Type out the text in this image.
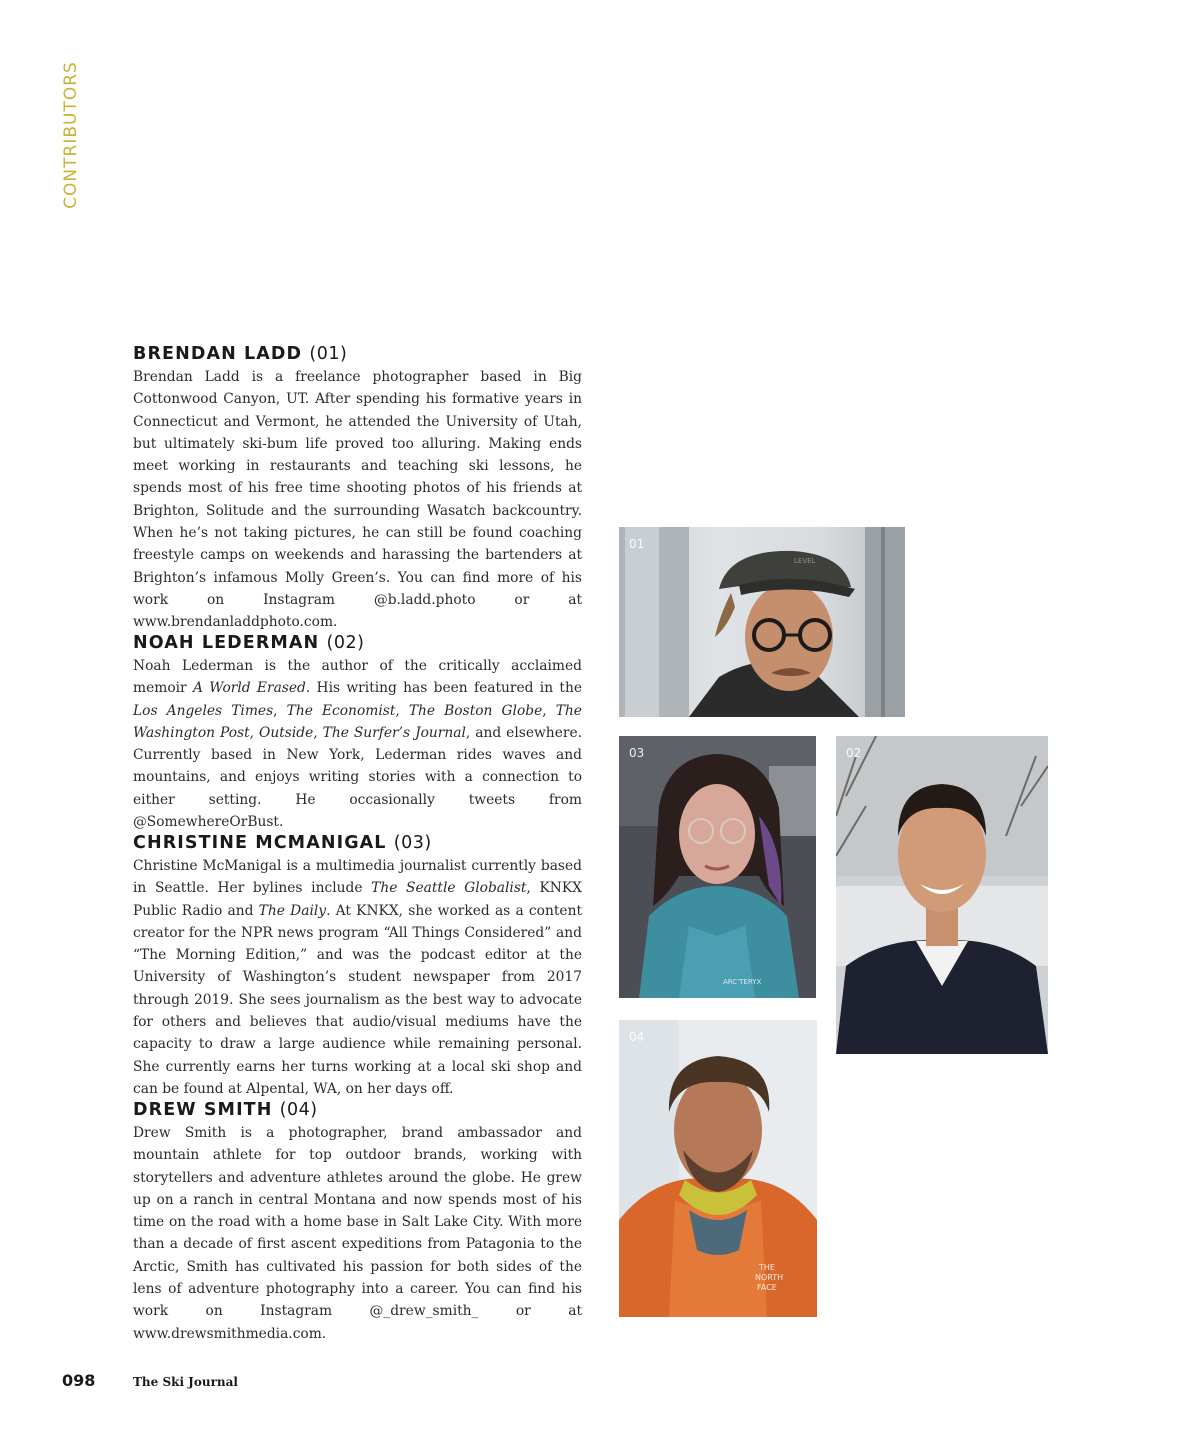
CONTRIBUTORS
BRENDAN LADD (01)

Brendan Ladd is a freelance photographer based in Big Cottonwood Canyon, UT. After spending his formative years in Connecticut and Vermont, he attended the University of Utah, but ultimately ski-bum life proved too alluring. Making ends meet working in restaurants and teaching ski lessons, he spends most of his free time shooting photos of his friends at Brighton, Solitude and the surrounding Wasatch backcountry. When he’s not taking pictures, he can still be found coaching freestyle camps on weekends and harassing the bartenders at Brighton’s infamous Molly Green’s. You can find more of his work on Instagram @b.ladd.photo or at www.brendanladdphoto.com.

NOAH LEDERMAN (02)

Noah Lederman is the author of the critically acclaimed memoir A World Erased. His writing has been featured in the Los Angeles Times, The Economist, The Boston Globe, The Washington Post, Outside, The Surfer’s Journal, and elsewhere. Currently based in New York, Lederman rides waves and mountains, and enjoys writing stories with a connection to either setting. He occasionally tweets from @SomewhereOrBust.

CHRISTINE MCMANIGAL (03)

Christine McManigal is a multimedia journalist currently based in Seattle. Her bylines include The Seattle Globalist, KNKX Public Radio and The Daily. At KNKX, she worked as a content creator for the NPR news program “All Things Considered” and “The Morning Edition,” and was the podcast editor at the University of Washington’s student newspaper from 2017 through 2019. She sees journalism as the best way to advocate for others and believes that audio/visual mediums have the capacity to draw a large audience while remaining personal. She currently earns her turns working at a local ski shop and can be found at Alpental, WA, on her days off.

DREW SMITH (04)

Drew Smith is a photographer, brand ambassador and mountain athlete for top outdoor brands, working with storytellers and adventure athletes around the globe. He grew up on a ranch in central Montana and now spends most of his time on the road with a home base in Salt Lake City. With more than a decade of first ascent expeditions from Patagonia to the Arctic, Smith has cultivated his passion for both sides of the lens of adventure photography into a career. You can find his work on Instagram @_drew_smith_ or at www.drewsmithmedia.com.

LEVEL
01
ARC'TERYX
03	02
THE
NORTH
FACE
04
098	The Ski Journal
